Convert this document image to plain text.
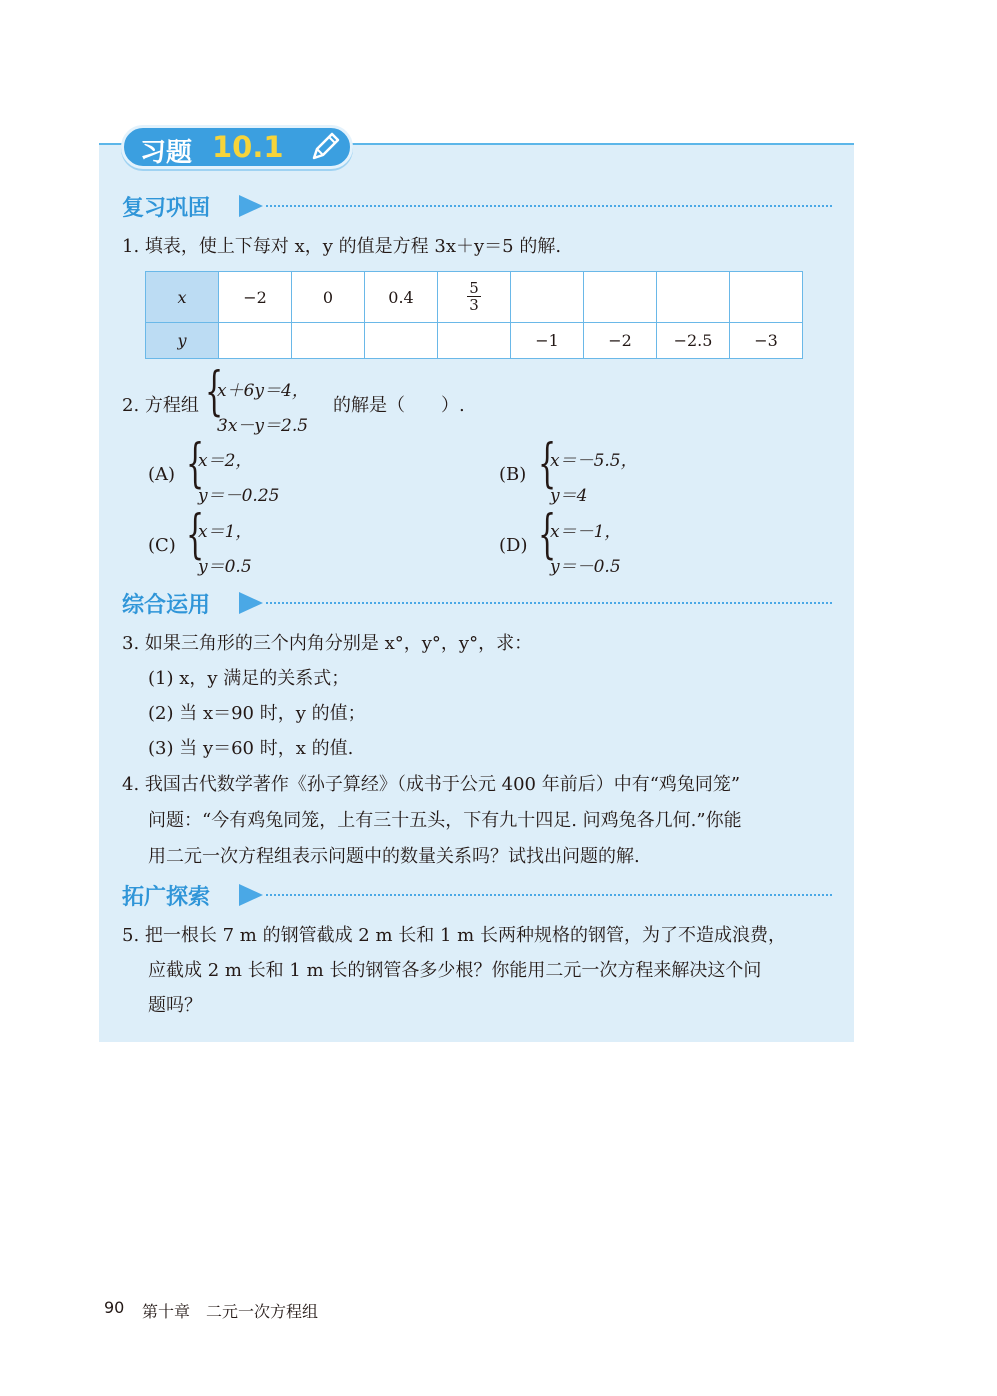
习题 10.1
复习巩固
1. 填表，使上下每对 x，y 的值是方程 3x＋y＝5 的解.
x	−2	0	0.4	$\frac{5}{3}$

y					−1	−2	−2.5	−3
2. 方程组 {
x＋6y＝4，
3x－y＝2.5
的解是（　　）.
(A) {
x＝2，
y＝－0.25
(B) {
x＝－5.5，
y＝4
(C) {
x＝1，
y＝0.5
(D) {
x＝－1，
y＝－0.5
综合运用
3. 如果三角形的三个内角分别是 x°，y°，y°，求：
(1) x，y 满足的关系式；
(2) 当 x＝90 时，y 的值；
(3) 当 y＝60 时，x 的值.
4. 我国古代数学著作《孙子算经》（成书于公元 400 年前后）中有“鸡兔同笼”
问题：“今有鸡兔同笼，上有三十五头，下有九十四足. 问鸡兔各几何.”你能
用二元一次方程组表示问题中的数量关系吗？试找出问题的解.
拓广探索
5. 把一根长 7 m 的钢管截成 2 m 长和 1 m 长两种规格的钢管，为了不造成浪费，
应截成 2 m 长和 1 m 长的钢管各多少根？你能用二元一次方程来解决这个问
题吗？
90 第十章　二元一次方程组
